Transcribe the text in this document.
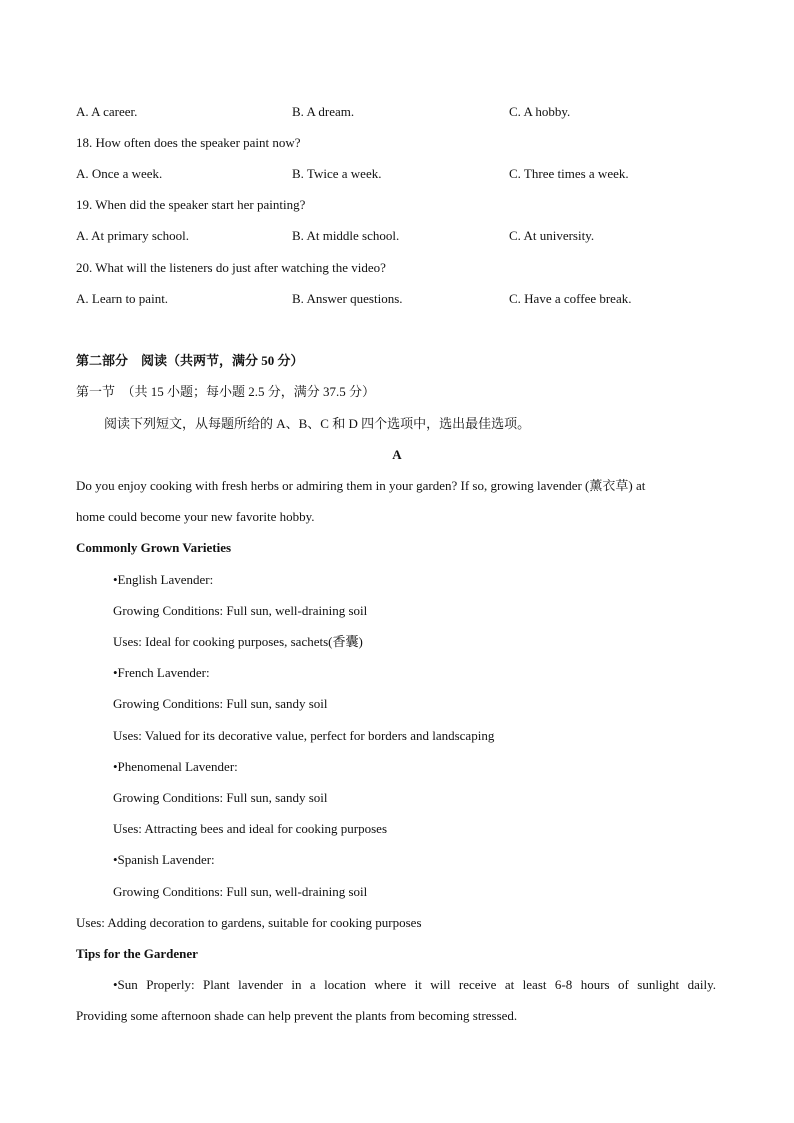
A. A career.	B. A dream.	C. A hobby.
18. How often does the speaker paint now?
A. Once a week.	B. Twice a week.	C. Three times a week.
19. When did the speaker start her painting?
A. At primary school.	B. At middle school.	C. At university.
20. What will the listeners do just after watching the video?
A. Learn to paint.	B. Answer questions.	C. Have a coffee break.
第二部分　阅读（共两节，满分 50 分）
第一节　（共 15 小题；每小题 2.5 分，满分 37.5 分）
阅读下列短文，从每题所给的 A、B、C 和 D 四个选项中，选出最佳选项。
A
Do you enjoy cooking with fresh herbs or admiring them in your garden? If so, growing lavender (薰衣草) at
home could become your new favorite hobby.
Commonly Grown Varieties
•English Lavender:
Growing Conditions: Full sun, well-draining soil
Uses: Ideal for cooking purposes, sachets(香囊)
•French Lavender:
Growing Conditions: Full sun, sandy soil
Uses: Valued for its decorative value, perfect for borders and landscaping
•Phenomenal Lavender:
Growing Conditions: Full sun, sandy soil
Uses: Attracting bees and ideal for cooking purposes
•Spanish Lavender:
Growing Conditions: Full sun, well-draining soil
Uses: Adding decoration to gardens, suitable for cooking purposes
Tips for the Gardener
•Sun Properly: Plant lavender in a location where it will receive at least 6-8 hours of sunlight daily.
Providing some afternoon shade can help prevent the plants from becoming stressed.
